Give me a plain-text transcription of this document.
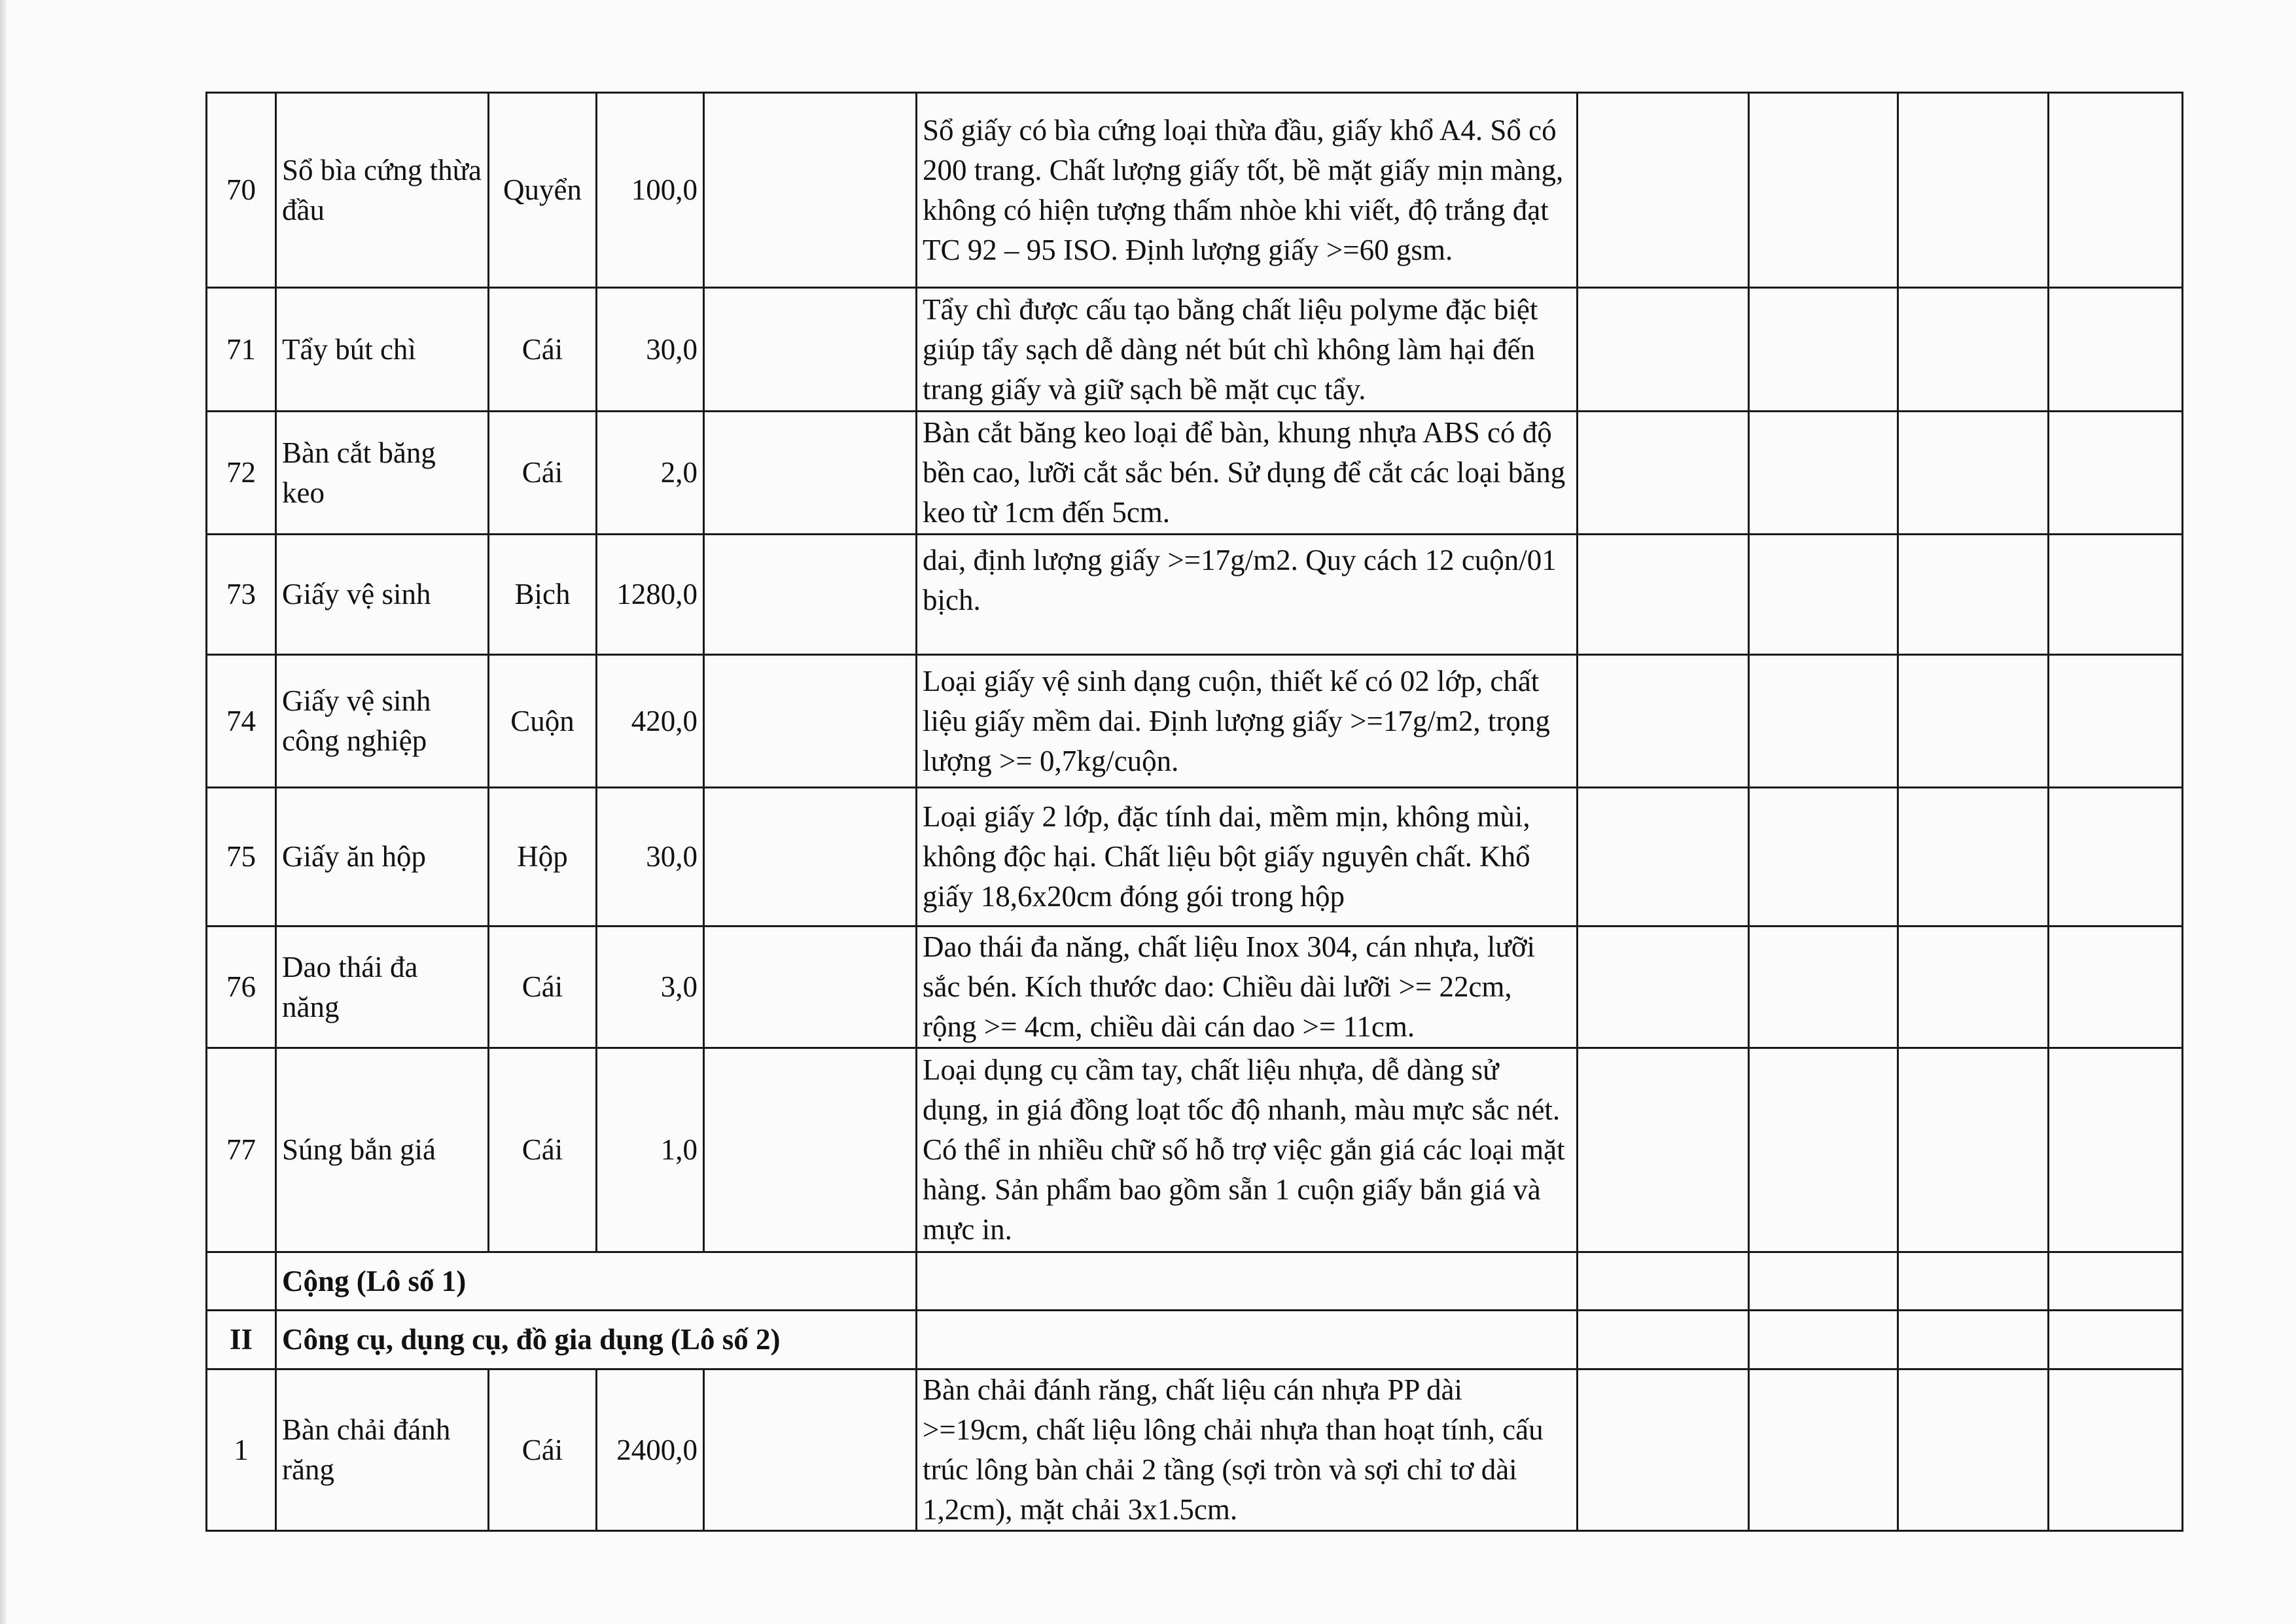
70	Sổ bìa cứng thừa đầu	Quyển	100,0		Sổ giấy có bìa cứng loại thừa đầu, giấy khổ A4. Sổ có 200 trang. Chất lượng giấy tốt, bề mặt giấy mịn màng, không có hiện tượng thấm nhòe khi viết, độ trắng đạt TC 92 – 95 ISO. Định lượng giấy >=60 gsm.				
71	Tẩy bút chì	Cái	30,0		Tẩy chì được cấu tạo bằng chất liệu polyme đặc biệt giúp tẩy sạch dễ dàng nét bút chì không làm hại đến trang giấy và giữ sạch bề mặt cục tẩy.				
72	Bàn cắt băng keo	Cái	2,0		Bàn cắt băng keo loại để bàn, khung nhựa ABS có độ bền cao, lưỡi cắt sắc bén. Sử dụng để cắt các loại băng keo từ 1cm đến 5cm.				
73	Giấy vệ sinh	Bịch	1280,0		dai, định lượng giấy >=17g/m2. Quy cách 12 cuộn/01 bịch.				
74	Giấy vệ sinh công nghiệp	Cuộn	420,0		Loại giấy vệ sinh dạng cuộn, thiết kế có 02 lớp, chất liệu giấy mềm dai. Định lượng giấy >=17g/m2, trọng lượng >= 0,7kg/cuộn.				
75	Giấy ăn hộp	Hộp	30,0		Loại giấy 2 lớp, đặc tính dai, mềm mịn, không mùi, không độc hại. Chất liệu bột giấy nguyên chất. Khổ giấy 18,6x20cm đóng gói trong hộp				
76	Dao thái đa năng	Cái	3,0		Dao thái đa năng, chất liệu Inox 304, cán nhựa, lưỡi sắc bén. Kích thước dao: Chiều dài lưỡi >= 22cm, rộng >= 4cm, chiều dài cán dao >= 11cm.				
77	Súng bắn giá	Cái	1,0		Loại dụng cụ cầm tay, chất liệu nhựa, dễ dàng sử dụng, in giá đồng loạt tốc độ nhanh, màu mực sắc nét. Có thể in nhiều chữ số hỗ trợ việc gắn giá các loại mặt hàng. Sản phẩm bao gồm sẵn 1 cuộn giấy bắn giá và mực in.				
	Cộng (Lô số 1)								
II	Công cụ, dụng cụ, đồ gia dụng (Lô số 2)								
1	Bàn chải đánh răng	Cái	2400,0		Bàn chải đánh răng, chất liệu cán nhựa PP dài >=19cm, chất liệu lông chải nhựa than hoạt tính, cấu trúc lông bàn chải 2 tầng (sợi tròn và sợi chỉ tơ dài 1,2cm), mặt chải 3x1.5cm.				
